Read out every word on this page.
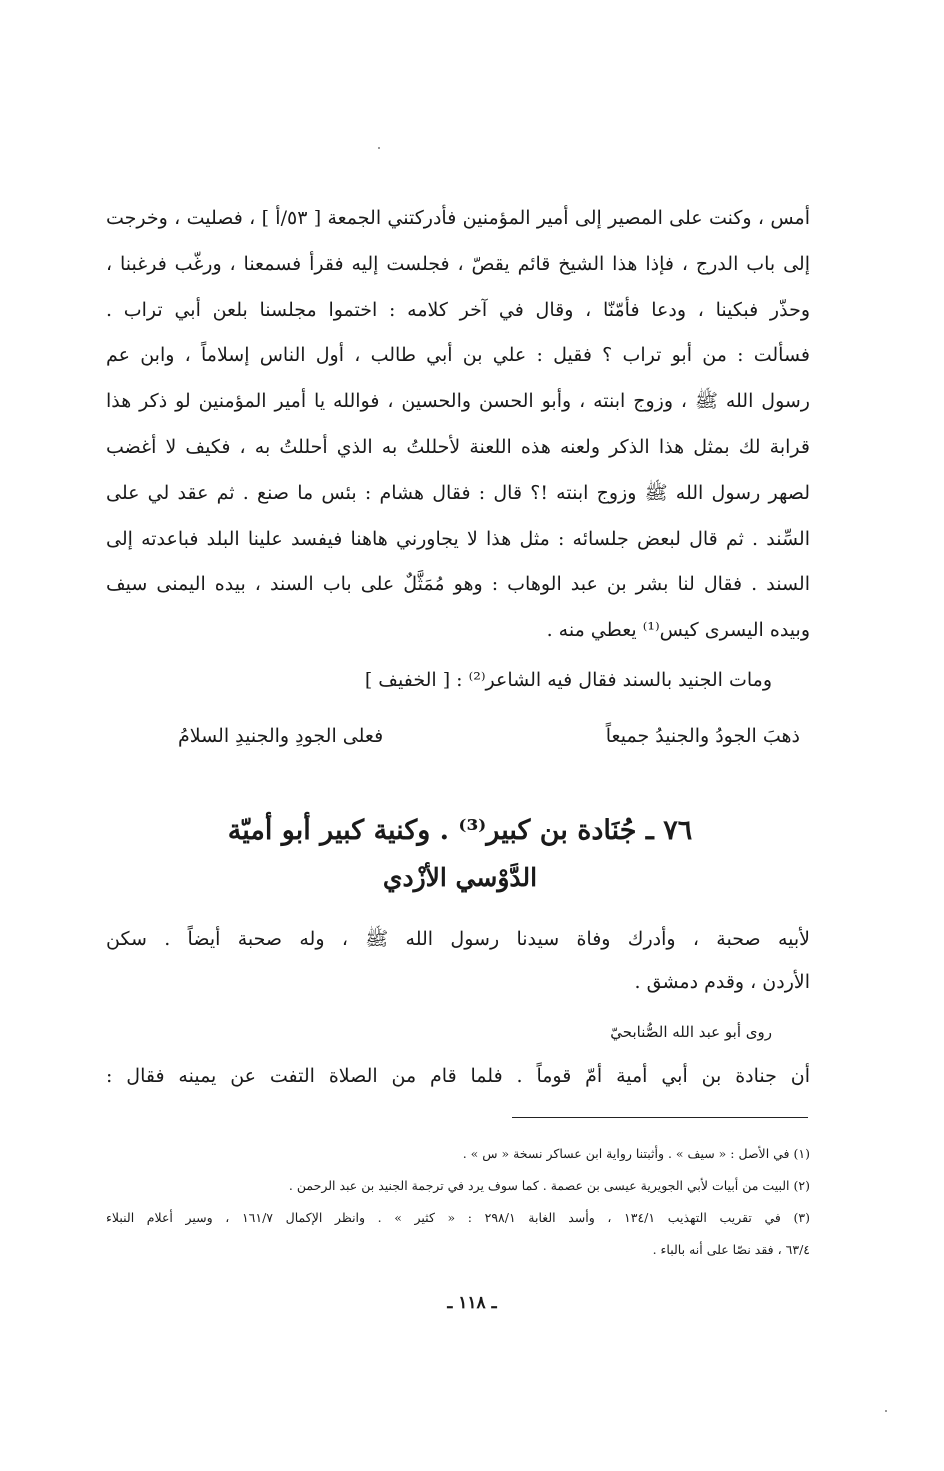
أمس ، وكنت على المصير إلى أمير المؤمنين فأدركتني الجمعة [ ٥٣/أ ] ، فصليت ، وخرجت
إلى باب الدرج ، فإذا هذا الشيخ قائم يقصّ ، فجلست إليه فقرأ فسمعنا ، ورغّب فرغبنا ،
وحذّر فبكينا ، ودعا فأمّنّا ، وقال في آخر كلامه : اختموا مجلسنا بلعن أبي تراب .
فسألت : من أبو تراب ؟ فقيل : علي بن أبي طالب ، أول الناس إسلاماً ، وابن عم
رسول الله ﷺ ، وزوج ابنته ، وأبو الحسن والحسين ، فوالله يا أمير المؤمنين لو ذكر هذا
قرابة لك بمثل هذا الذكر ولعنه هذه اللعنة لأحللتُ به الذي أحللتُ به ، فكيف لا أغضب
لصهر رسول الله ﷺ وزوج ابنته !؟ قال : فقال هشام : بئس ما صنع . ثم عقد لي على
السِّند . ثم قال لبعض جلسائه : مثل هذا لا يجاورني هاهنا فيفسد علينا البلد فباعدته إلى
السند . فقال لنا بشر بن عبد الوهاب : وهو مُمَثَّلٌ على باب السند ، بيده اليمنى سيف
وبيده اليسرى كيس⁽¹⁾ يعطي منه .
ومات الجنيد بالسند فقال فيه الشاعر⁽²⁾ : [ الخفيف ]
ذهبَ الجودُ والجنيدُ جميعاً
فعلى الجودِ والجنيدِ السلامُ
٧٦ ـ جُنَادة بن كبير⁽³⁾ . وكنية كبير أبو أميّة
الدَّوْسي الأزْدي
لأبيه صحبة ، وأدرك وفاة سيدنا رسول الله ﷺ ، وله صحبة أيضاً . سكن
الأردن ، وقدم دمشق .
روى أبو عبد الله الصُّنابحيّ
أن جنادة بن أبي أمية أمّ قوماً . فلما قام من الصلاة التفت عن يمينه فقال :
(١) في الأصل : « سيف » . وأثبتنا رواية ابن عساكر نسخة « س » .
(٢) البيت من أبيات لأبي الجويرية عيسى بن عصمة . كما سوف يرد في ترجمة الجنيد بن عبد الرحمن .
(٣) في تقريب التهذيب ١٣٤/١ ، وأسد الغابة ٢٩٨/١ : « كثير » . وانظر الإكمال ١٦١/٧ ، وسير أعلام النبلاء
٦٣/٤ ، فقد نصّا على أنه بالباء .
ـ ١١٨ ـ
